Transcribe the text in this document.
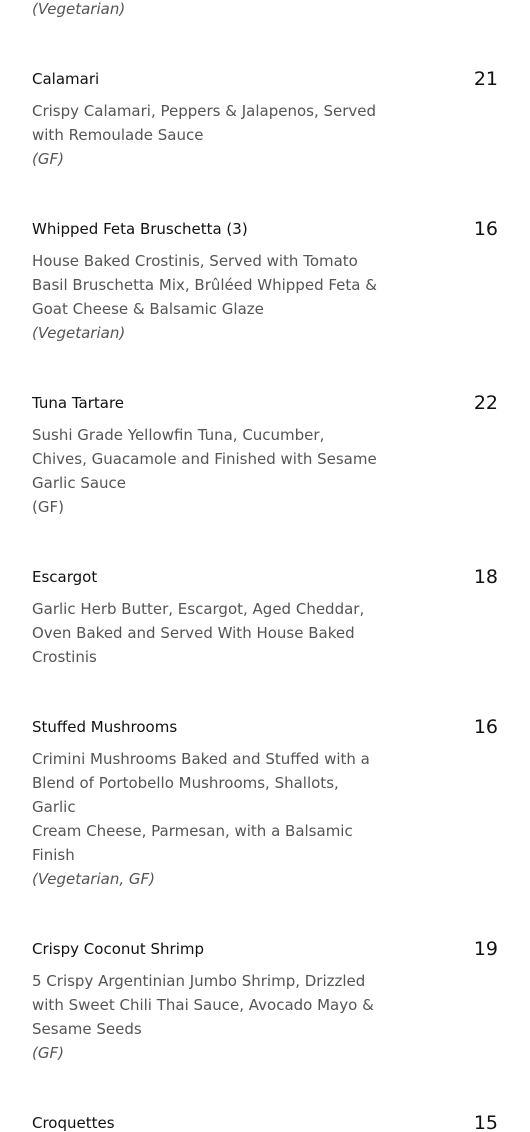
(Vegetarian)
Calamari	21
Crispy Calamari, Peppers & Jalapenos, Served
with Remoulade Sauce
(GF)
Whipped Feta Bruschetta (3)	16
House Baked Crostinis, Served with Tomato
Basil Bruschetta Mix, Brûléed Whipped Feta &
Goat Cheese & Balsamic Glaze
(Vegetarian)
Tuna Tartare	22
Sushi Grade Yellowfin Tuna, Cucumber,
Chives, Guacamole and Finished with Sesame
Garlic Sauce
(GF)
Escargot	18
Garlic Herb Butter, Escargot, Aged Cheddar,
Oven Baked and Served With House Baked
Crostinis
Stuffed Mushrooms	16
Crimini Mushrooms Baked and Stuffed with a
Blend of Portobello Mushrooms, Shallots,
Garlic
Cream Cheese, Parmesan, with a Balsamic
Finish
(Vegetarian, GF)
Crispy Coconut Shrimp	19
5 Crispy Argentinian Jumbo Shrimp, Drizzled
with Sweet Chili Thai Sauce, Avocado Mayo &
Sesame Seeds
(GF)
Croquettes	15
